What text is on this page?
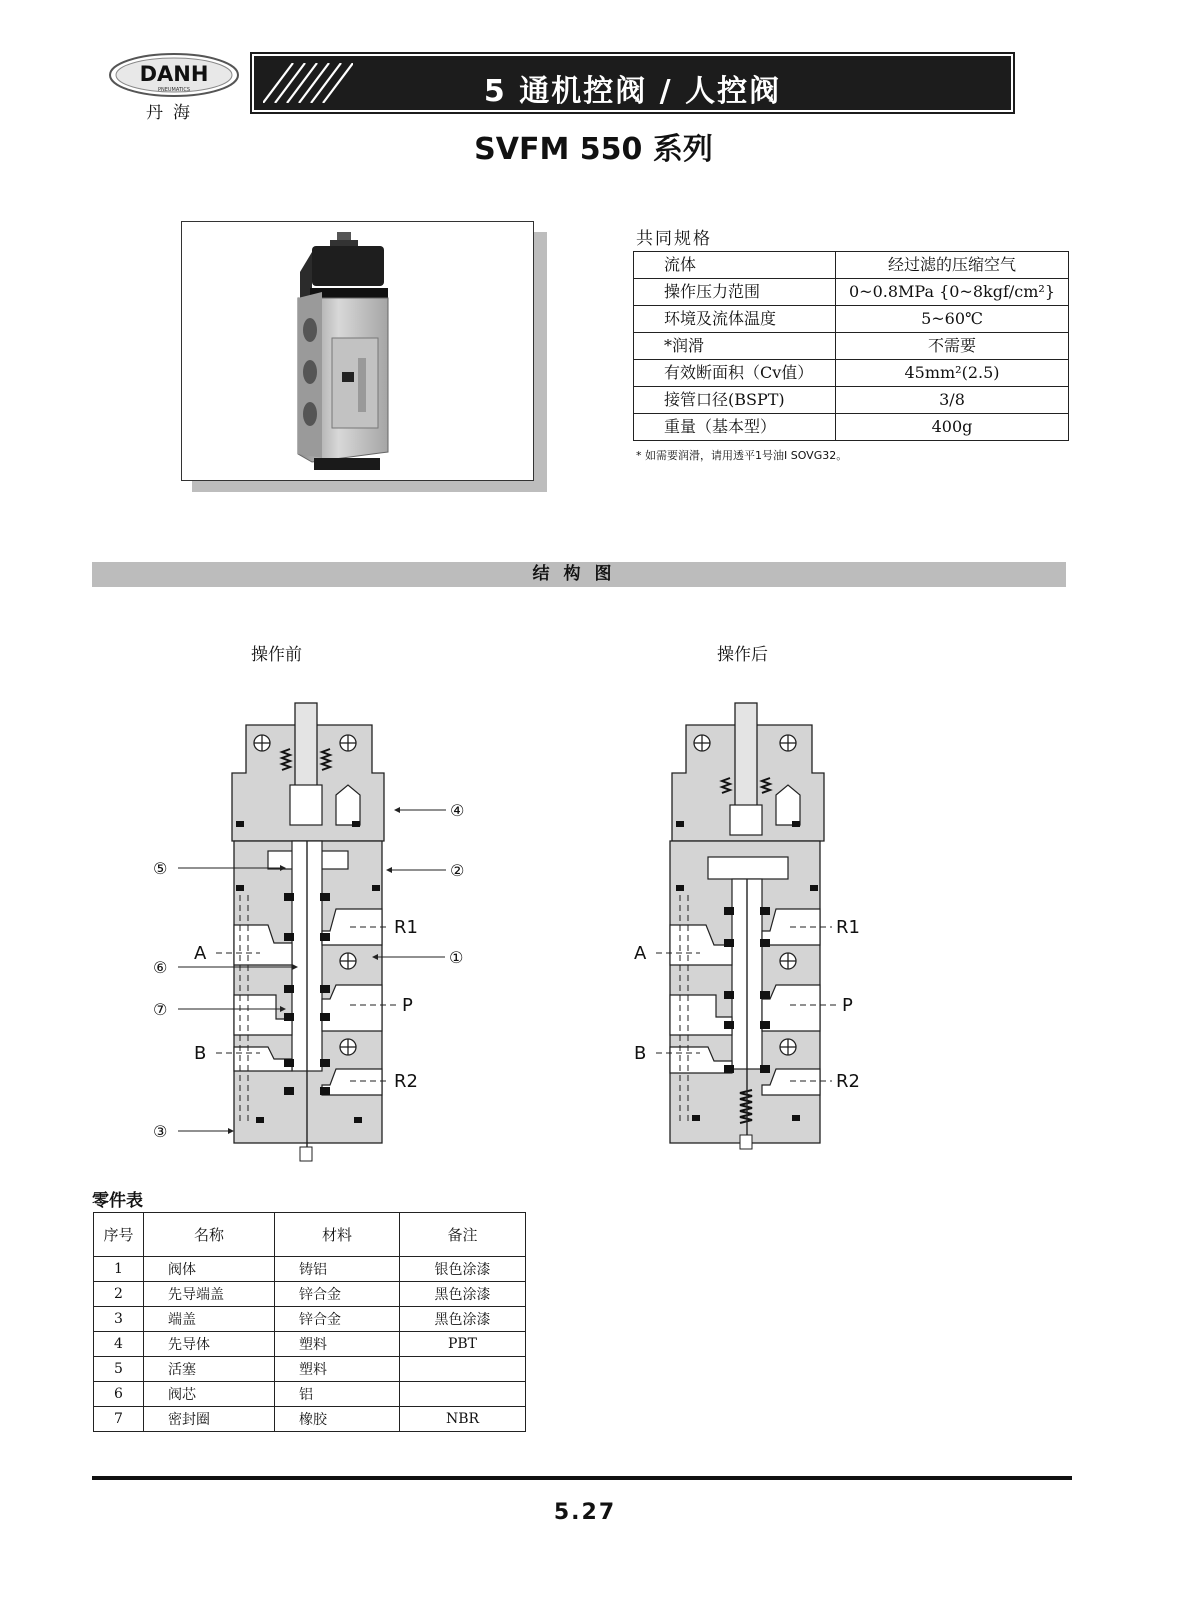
DANH
PNEUMATICS
丹海
5 通机控阀 / 人控阀
SVFM 550 系列
共同规格
流体	经过滤的压缩空气
操作压力范围	0~0.8MPa {0~8kgf/cm²}
环境及流体温度	5~60℃
*润滑	不需要
有效断面积（Cv值）	45mm²(2.5)
接管口径(BSPT)	3/8
重量（基本型）	400g
* 如需要润滑，请用透平1号油I SOVG32。
结构图
操作前	操作后
⑤	②
④
①
⑥
⑦
③
A
B
R1
P
R2
A
B
R1
P
R2
零件表
序号	名称	材料	备注
1	阀体	铸铝	银色涂漆
2	先导端盖	锌合金	黑色涂漆
3	端盖	锌合金	黑色涂漆
4	先导体	塑料	PBT
5	活塞	塑料	
6	阀芯	铝	
7	密封圈	橡胶	NBR
5.27
